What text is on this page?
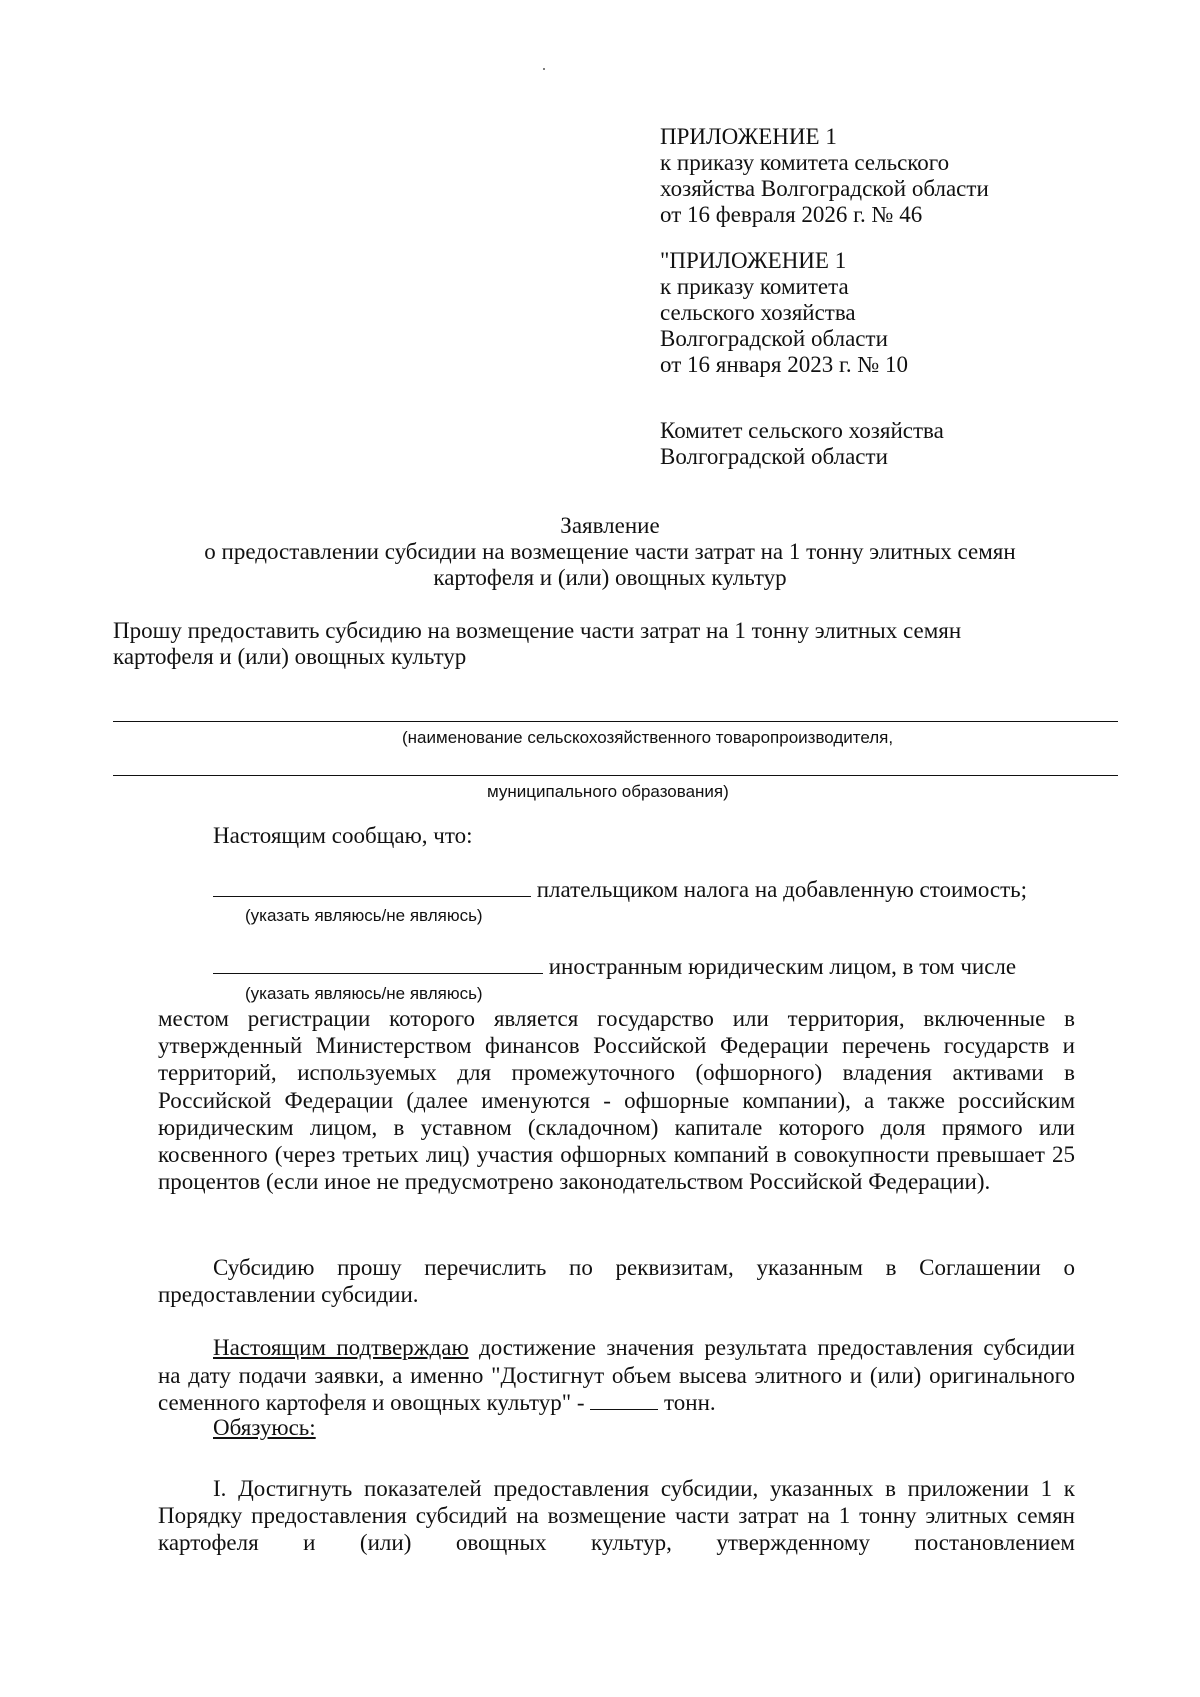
ПРИЛОЖЕНИЕ 1
к приказу комитета сельского
хозяйства Волгоградской области
от 16 февраля 2026 г. № 46
"ПРИЛОЖЕНИЕ 1
к приказу комитета
сельского хозяйства
Волгоградской области
от 16 января 2023 г. № 10
Комитет сельского хозяйства
Волгоградской области
Заявление
о предоставлении субсидии на возмещение части затрат на 1 тонну элитных семян
картофеля и (или) овощных культур
Прошу предоставить субсидию на возмещение части затрат на 1 тонну элитных семян
картофеля и (или) овощных культур
(наименование сельскохозяйственного товаропроизводителя,
муниципального образования)
Настоящим сообщаю, что:
плательщиком налога на добавленную стоимость;
(указать являюсь/не являюсь)
иностранным юридическим лицом, в том числе
(указать являюсь/не являюсь)
местом регистрации которого является государство или территория, включенные в утвержденный Министерством финансов Российской Федерации перечень государств и территорий, используемых для промежуточного (офшорного) владения активами в Российской Федерации (далее именуются - офшорные компании), а также российским юридическим лицом, в уставном (складочном) капитале которого доля прямого или косвенного (через третьих лиц) участия офшорных компаний в совокупности превышает 25 процентов (если иное не предусмотрено законодательством Российской Федерации).
Субсидию прошу перечислить по реквизитам, указанным в Соглашении о предоставлении субсидии.
Настоящим подтверждаю достижение значения результата предоставления субсидии на дату подачи заявки, а именно "Достигнут объем высева элитного и (или) оригинального семенного картофеля и овощных культур" -	тонн.
Обязуюсь:
I. Достигнуть показателей предоставления субсидии, указанных в приложении 1 к Порядку предоставления субсидий на возмещение части затрат на 1 тонну элитных семян картофеля и (или) овощных культур, утвержденному постановлением
